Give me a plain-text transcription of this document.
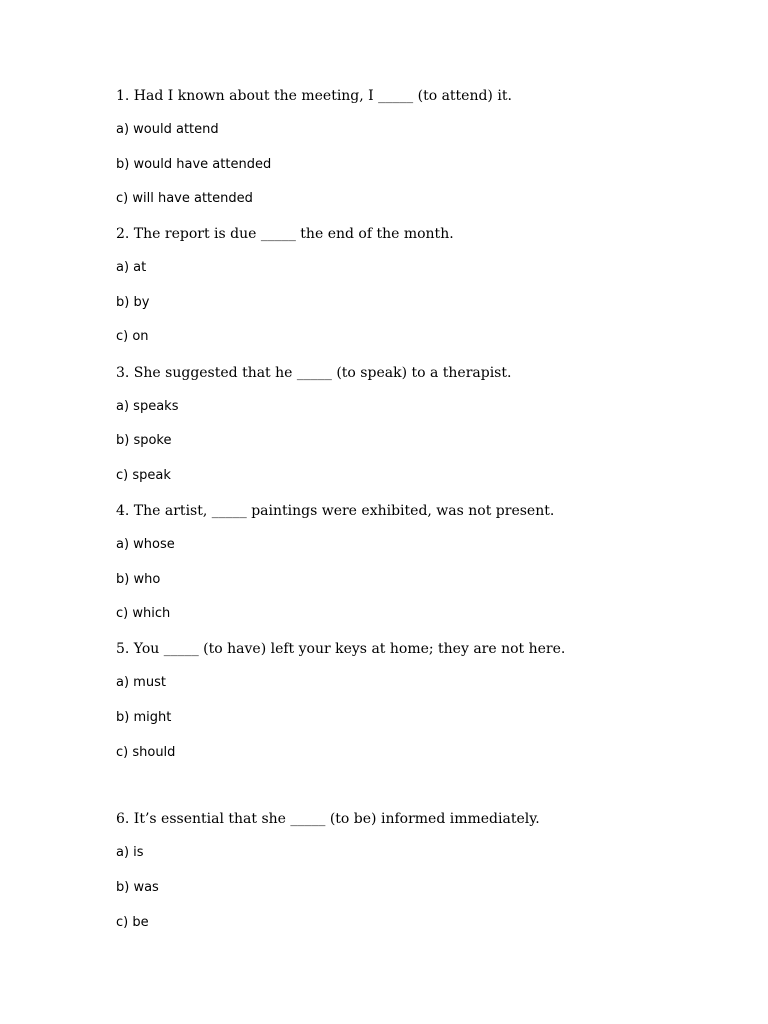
1. Had I known about the meeting, I _____ (to attend) it.
a) would attend
b) would have attended
c) will have attended
2. The report is due _____ the end of the month.
a) at
b) by
c) on
3. She suggested that he _____ (to speak) to a therapist.
a) speaks
b) spoke
c) speak
4. The artist, _____ paintings were exhibited, was not present.
a) whose
b) who
c) which
5. You _____ (to have) left your keys at home; they are not here.
a) must
b) might
c) should
6. It’s essential that she _____ (to be) informed immediately.
a) is
b) was
c) be
